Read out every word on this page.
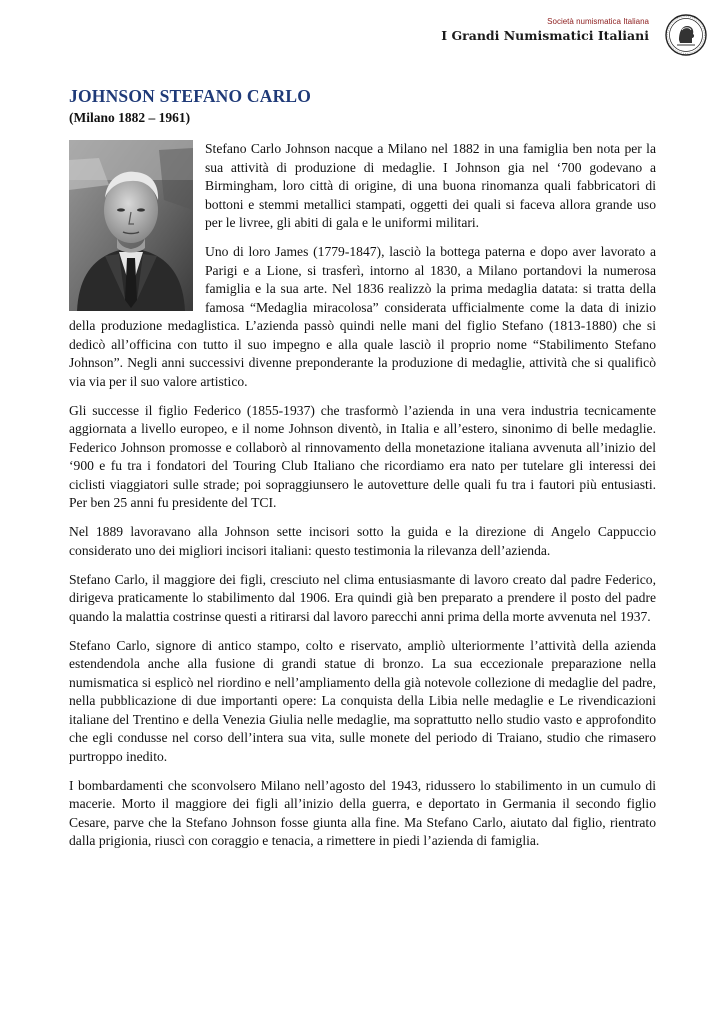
Società numismatica Italiana
I Grandi Numismatici Italiani
JOHNSON STEFANO CARLO
(Milano 1882 – 1961)

Stefano Carlo Johnson nacque a Milano nel 1882 in una famiglia ben nota per la sua attività di produzione di medaglie. I Johnson gia nel ‘700 godevano a Birmingham, loro città di origine, di una buona rinomanza quali fabbricatori di bottoni e stemmi metallici stampati, oggetti dei quali si faceva allora grande uso per le livree, gli abiti di gala e le uniformi militari.

Uno di loro James (1779-1847), lasciò la bottega paterna e dopo aver lavorato a Parigi e a Lione, si trasferì, intorno al 1830, a Milano portandovi la numerosa famiglia e la sua arte. Nel 1836 realizzò la prima medaglia datata: si tratta della famosa “Medaglia miracolosa” considerata ufficialmente come la data di inizio della produzione medaglistica. L’azienda passò quindi nelle mani del figlio Stefano (1813-1880) che si dedicò all’officina con tutto il suo impegno e alla quale lasciò il proprio nome “Stabilimento Stefano Johnson”. Negli anni successivi divenne preponderante la produzione di medaglie, attività che si qualificò via via per il suo valore artistico.

Gli successe il figlio Federico (1855-1937) che trasformò l’azienda in una vera industria tecnicamente aggiornata a livello europeo, e il nome Johnson diventò, in Italia e all’estero, sinonimo di belle medaglie. Federico Johnson promosse e collaborò al rinnovamento della monetazione italiana avvenuta all’inizio del ‘900 e fu tra i fondatori del Touring Club Italiano che ricordiamo era nato per tutelare gli interessi dei ciclisti viaggiatori sulle strade; poi sopraggiunsero le autovetture delle quali fu tra i fautori più entusiasti. Per ben 25 anni fu presidente del TCI.

Nel 1889 lavoravano alla Johnson sette incisori sotto la guida e la direzione di Angelo Cappuccio considerato uno dei migliori incisori italiani: questo testimonia la rilevanza dell’azienda.

Stefano Carlo, il maggiore dei figli, cresciuto nel clima entusiasmante di lavoro creato dal padre Federico, dirigeva praticamente lo stabilimento dal 1906. Era quindi già ben preparato a prendere il posto del padre quando la malattia costrinse questi a ritirarsi dal lavoro parecchi anni prima della morte avvenuta nel 1937.

Stefano Carlo, signore di antico stampo, colto e riservato, ampliò ulteriormente l’attività della azienda estendendola anche alla fusione di grandi statue di bronzo. La sua eccezionale preparazione nella numismatica si esplicò nel riordino e nell’ampliamento della già notevole collezione di medaglie del padre, nella pubblicazione di due importanti opere: La conquista della Libia nelle medaglie e Le rivendicazioni italiane del Trentino e della Venezia Giulia nelle medaglie, ma soprattutto nello studio vasto e approfondito che egli condusse nel corso dell’intera sua vita, sulle monete del periodo di Traiano, studio che rimasero purtroppo inedito.

I bombardamenti che sconvolsero Milano nell’agosto del 1943, ridussero lo stabilimento in un cumulo di macerie. Morto il maggiore dei figli all’inizio della guerra, e deportato in Germania il secondo figlio Cesare, parve che la Stefano Johnson fosse giunta alla fine. Ma Stefano Carlo, aiutato dal figlio, rientrato dalla prigionia, riuscì con coraggio e tenacia, a rimettere in piedi l’azienda di famiglia.
